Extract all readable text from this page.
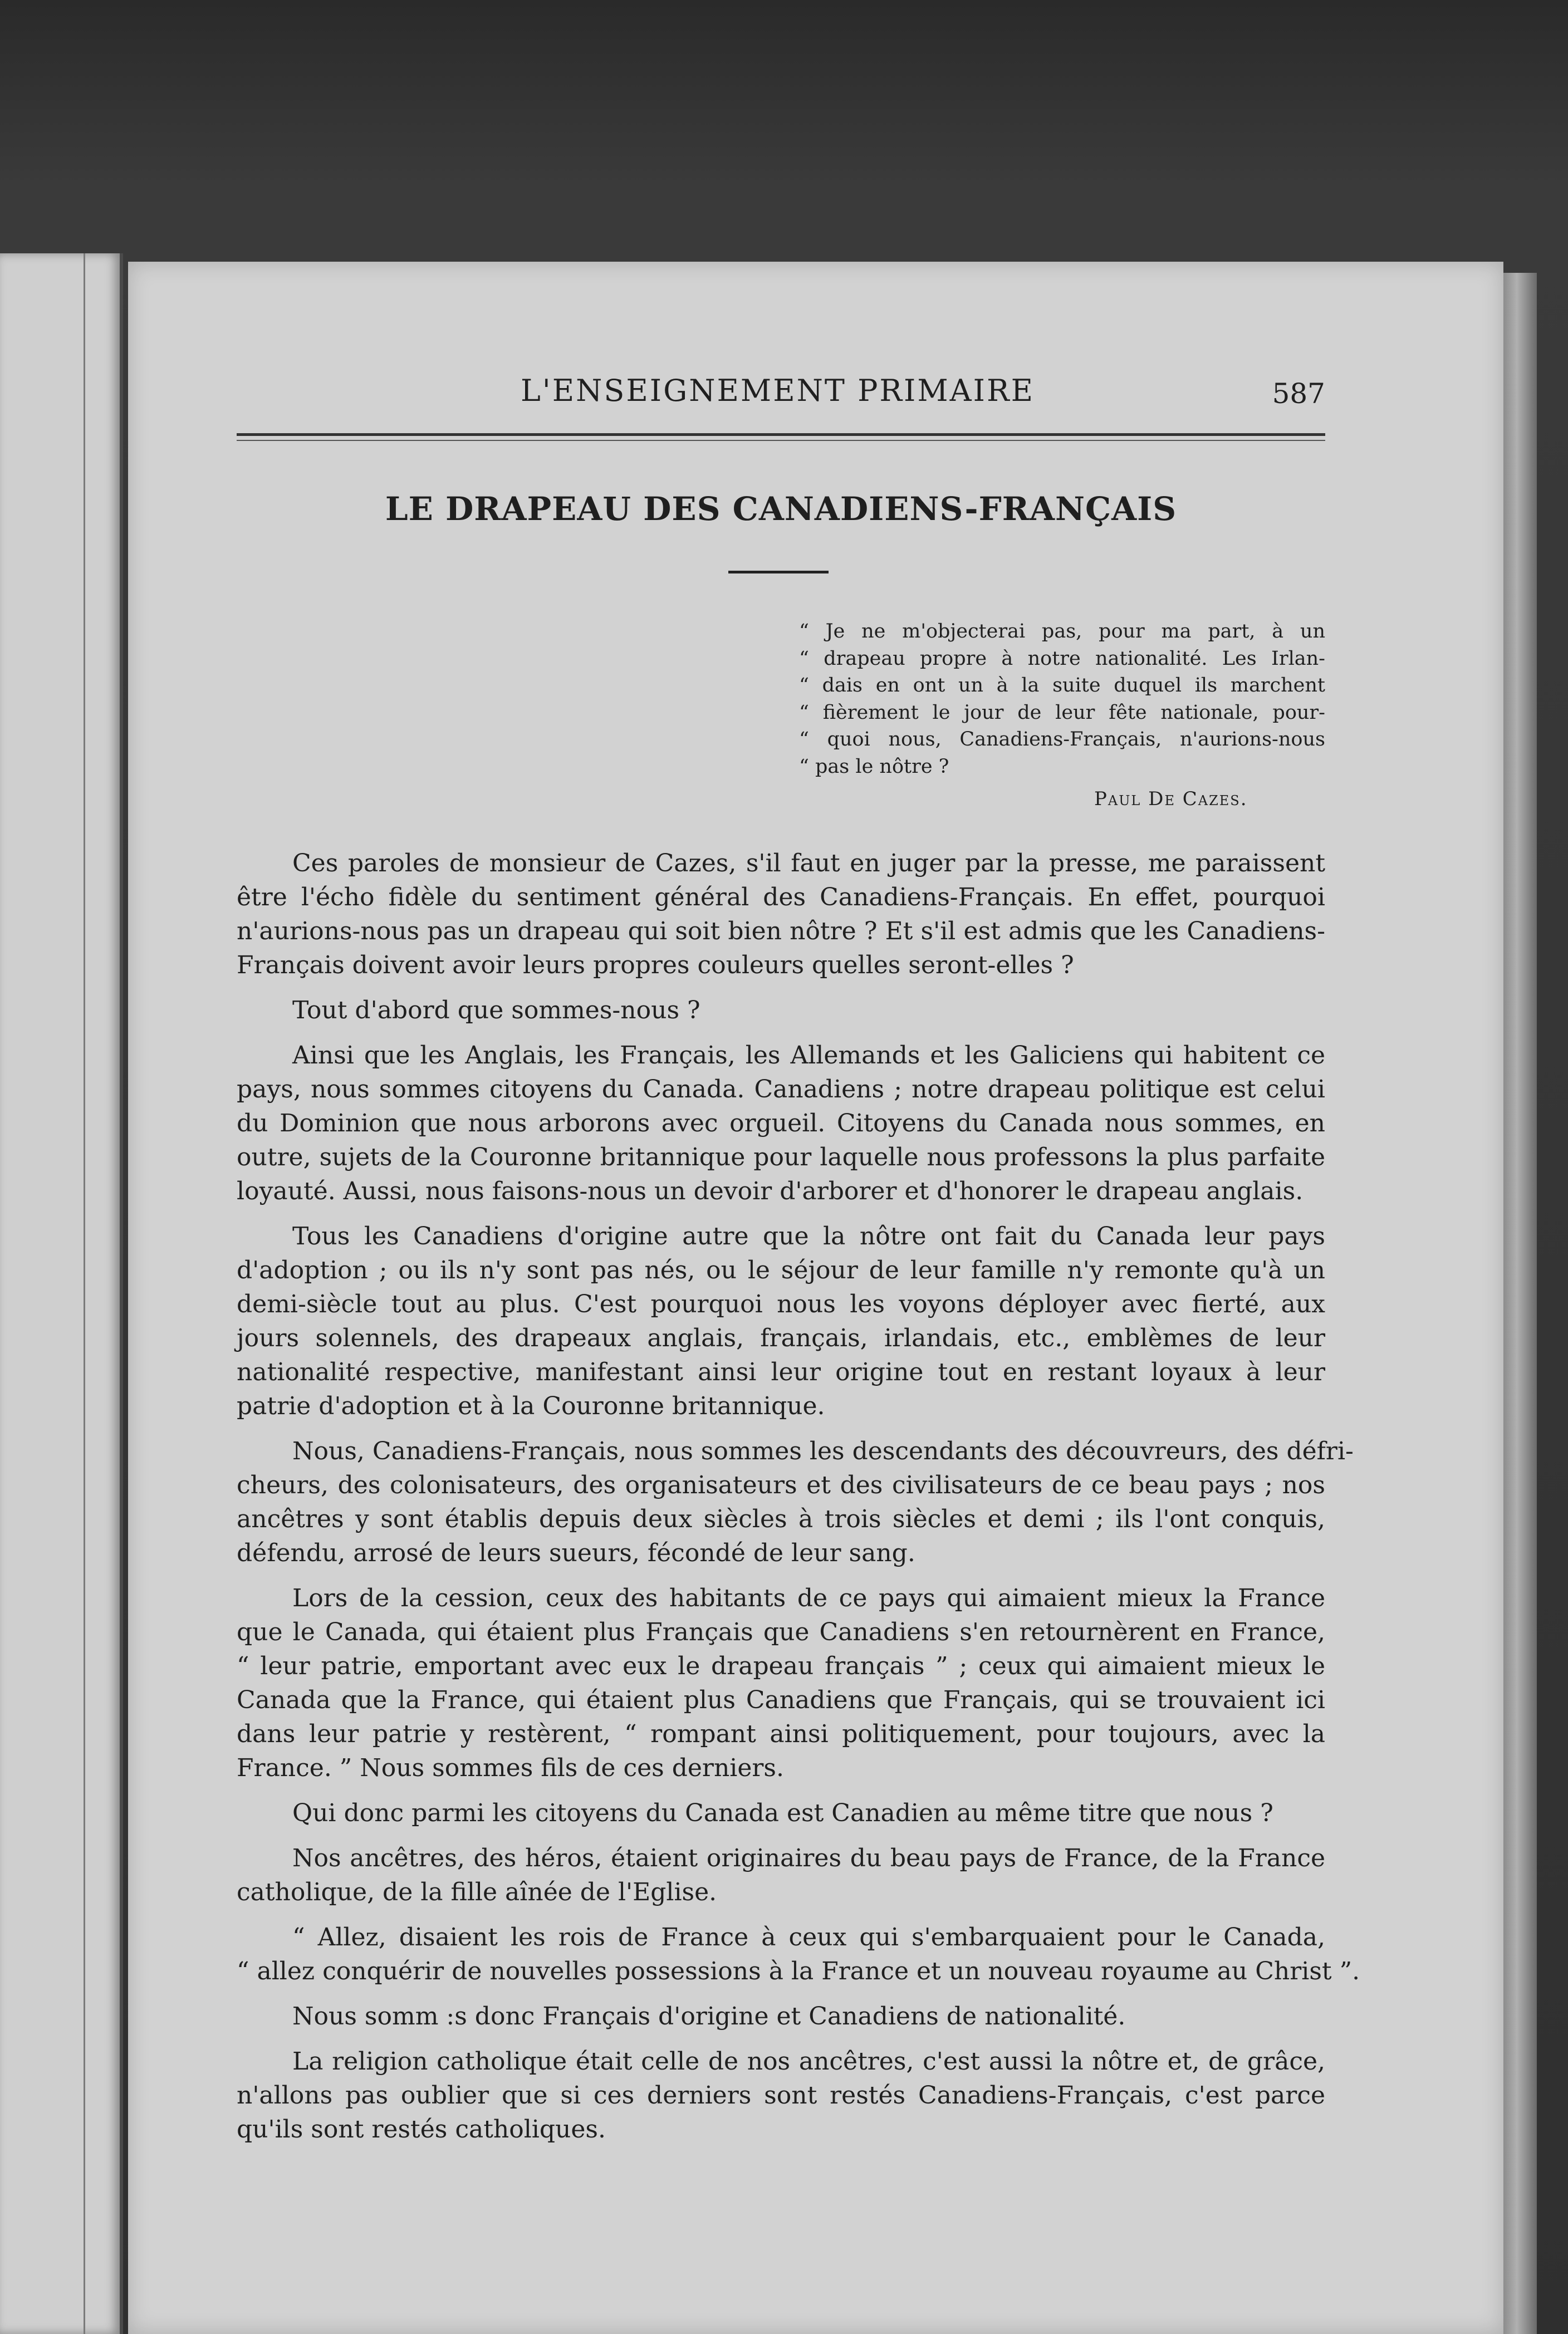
L'ENSEIGNEMENT PRIMAIRE	587
LE DRAPEAU DES CANADIENS-FRANÇAIS
“ Je ne m'objecterai pas, pour ma part, à un
“ drapeau propre à notre nationalité. Les Irlan-
“ dais en ont un à la suite duquel ils marchent
“ fièrement le jour de leur fête nationale, pour-
“ quoi nous, Canadiens-Français, n'aurions-nous
“ pas le nôtre ?
Paul De Cazes.
Ces paroles de monsieur de Cazes, s'il faut en juger par la presse, me paraissent
être l'écho fidèle du sentiment général des Canadiens-Français. En effet, pourquoi
n'aurions-nous pas un drapeau qui soit bien nôtre ? Et s'il est admis que les Canadiens-
Français doivent avoir leurs propres couleurs quelles seront-elles ?
Tout d'abord que sommes-nous ?
Ainsi que les Anglais, les Français, les Allemands et les Galiciens qui habitent ce
pays, nous sommes citoyens du Canada. Canadiens ; notre drapeau politique est celui
du Dominion que nous arborons avec orgueil. Citoyens du Canada nous sommes, en
outre, sujets de la Couronne britannique pour laquelle nous professons la plus parfaite
loyauté. Aussi, nous faisons-nous un devoir d'arborer et d'honorer le drapeau anglais.
Tous les Canadiens d'origine autre que la nôtre ont fait du Canada leur pays
d'adoption ; ou ils n'y sont pas nés, ou le séjour de leur famille n'y remonte qu'à un
demi-siècle tout au plus. C'est pourquoi nous les voyons déployer avec fierté, aux
jours solennels, des drapeaux anglais, français, irlandais, etc., emblèmes de leur
nationalité respective, manifestant ainsi leur origine tout en restant loyaux à leur
patrie d'adoption et à la Couronne britannique.
Nous, Canadiens-Français, nous sommes les descendants des découvreurs, des défri-
cheurs, des colonisateurs, des organisateurs et des civilisateurs de ce beau pays ; nos
ancêtres y sont établis depuis deux siècles à trois siècles et demi ; ils l'ont conquis,
défendu, arrosé de leurs sueurs, fécondé de leur sang.
Lors de la cession, ceux des habitants de ce pays qui aimaient mieux la France
que le Canada, qui étaient plus Français que Canadiens s'en retournèrent en France,
“ leur patrie, emportant avec eux le drapeau français ” ; ceux qui aimaient mieux le
Canada que la France, qui étaient plus Canadiens que Français, qui se trouvaient ici
dans leur patrie y restèrent, “ rompant ainsi politiquement, pour toujours, avec la
France. ” Nous sommes fils de ces derniers.
Qui donc parmi les citoyens du Canada est Canadien au même titre que nous ?
Nos ancêtres, des héros, étaient originaires du beau pays de France, de la France
catholique, de la fille aînée de l'Eglise.
“ Allez, disaient les rois de France à ceux qui s'embarquaient pour le Canada,
“ allez conquérir de nouvelles possessions à la France et un nouveau royaume au Christ ”.
Nous somm :s donc Français d'origine et Canadiens de nationalité.
La religion catholique était celle de nos ancêtres, c'est aussi la nôtre et, de grâce,
n'allons pas oublier que si ces derniers sont restés Canadiens-Français, c'est parce
qu'ils sont restés catholiques.
